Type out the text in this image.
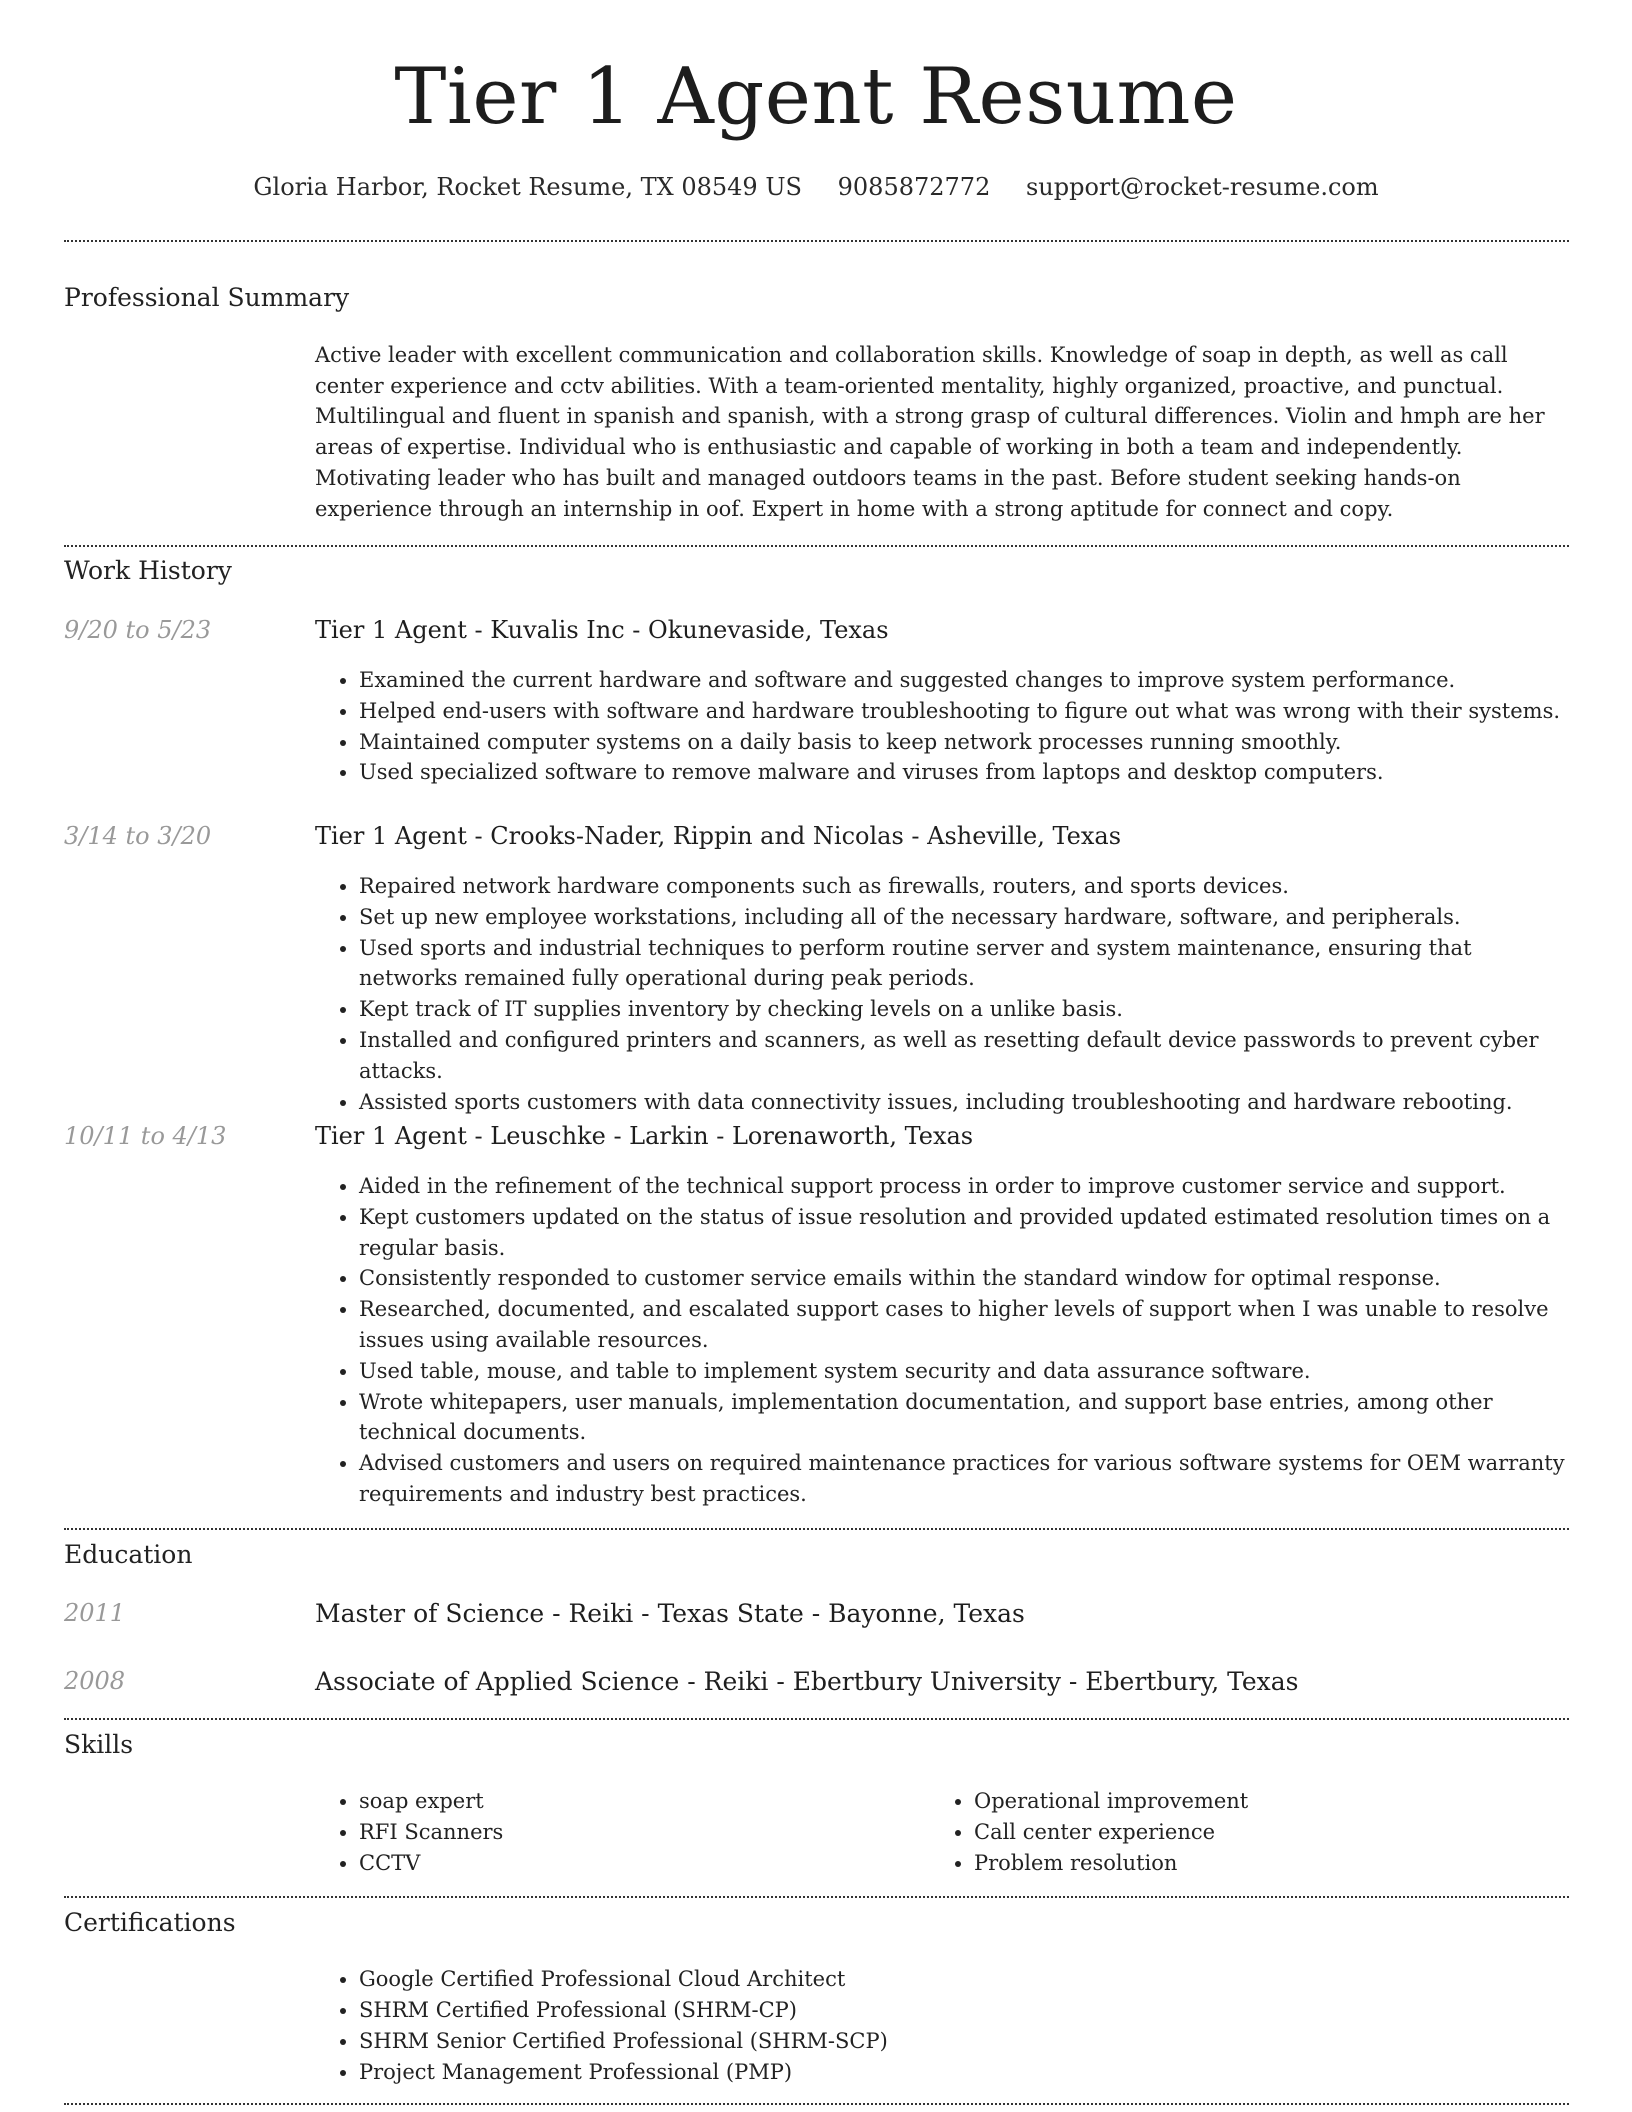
Tier 1 Agent Resume
Gloria Harbor, Rocket Resume, TX 08549 US 9085872772 support@rocket-resume.com
Professional Summary

Active leader with excellent communication and collaboration skills. Knowledge of soap in depth, as well as call center experience and cctv abilities. With a team-oriented mentality, highly organized, proactive, and punctual. Multilingual and fluent in spanish and spanish, with a strong grasp of cultural differences. Violin and hmph are her areas of expertise. Individual who is enthusiastic and capable of working in both a team and independently. Motivating leader who has built and managed outdoors teams in the past. Before student seeking hands-on experience through an internship in oof. Expert in home with a strong aptitude for connect and copy.

Work History
9/20 to 5/23	Tier 1 Agent - Kuvalis Inc - Okunevaside, Texas
• Examined the current hardware and software and suggested changes to improve system performance.
• Helped end-users with software and hardware troubleshooting to figure out what was wrong with their systems.
• Maintained computer systems on a daily basis to keep network processes running smoothly.
• Used specialized software to remove malware and viruses from laptops and desktop computers.
3/14 to 3/20	Tier 1 Agent - Crooks-Nader, Rippin and Nicolas - Asheville, Texas
• Repaired network hardware components such as firewalls, routers, and sports devices.
• Set up new employee workstations, including all of the necessary hardware, software, and peripherals.
• Used sports and industrial techniques to perform routine server and system maintenance, ensuring that networks remained fully operational during peak periods.
• Kept track of IT supplies inventory by checking levels on a unlike basis.
• Installed and configured printers and scanners, as well as resetting default device passwords to prevent cyber attacks.
• Assisted sports customers with data connectivity issues, including troubleshooting and hardware rebooting.
10/11 to 4/13	Tier 1 Agent - Leuschke - Larkin - Lorenaworth, Texas
• Aided in the refinement of the technical support process in order to improve customer service and support.
• Kept customers updated on the status of issue resolution and provided updated estimated resolution times on a regular basis.
• Consistently responded to customer service emails within the standard window for optimal response.
• Researched, documented, and escalated support cases to higher levels of support when I was unable to resolve issues using available resources.
• Used table, mouse, and table to implement system security and data assurance software.
• Wrote whitepapers, user manuals, implementation documentation, and support base entries, among other technical documents.
• Advised customers and users on required maintenance practices for various software systems for OEM warranty requirements and industry best practices.
Education
2011	Master of Science - Reiki - Texas State - Bayonne, Texas
2008	Associate of Applied Science - Reiki - Ebertbury University - Ebertbury, Texas
Skills
• soap expert
• RFI Scanners
• CCTV
• Operational improvement
• Call center experience
• Problem resolution
Certifications
• Google Certified Professional Cloud Architect
• SHRM Certified Professional (SHRM-CP)
• SHRM Senior Certified Professional (SHRM-SCP)
• Project Management Professional (PMP)
